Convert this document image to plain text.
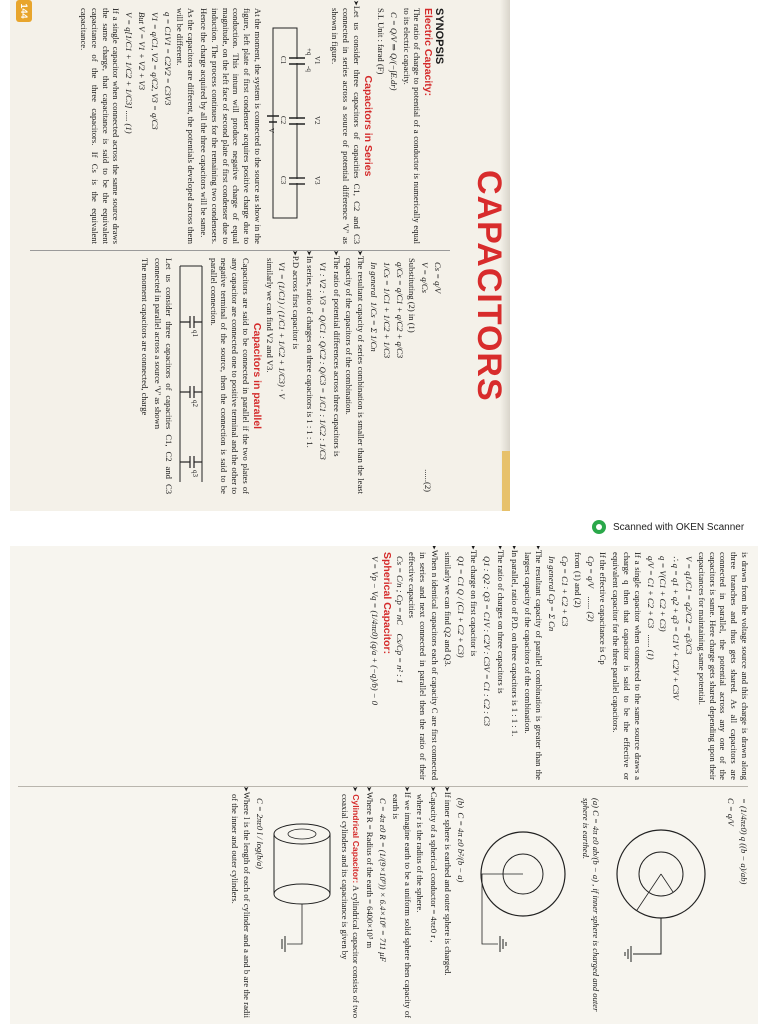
CAPACITORS
144	SYNOPSIS
Electric Capacity:

The ratio of charge to potential of a conductor is numerically equal to its electric capacity.

C = Q/V ⇒ Q/(−∫E.dr)

S.I. Unit : farad (F)

Capacitors in Series

➤ Let us consider three capacitors of capacities C1, C2 and C3 connected in series across a source of potential difference 'V' as shown in figure.

+q
-q
V1
V2
V3
C1
C2
C3
V

At the moment, the system is connected to the source as show in the figure, left plate of first condenser acquires positive charge due to conduction. This inturn will produce negative charge of equal magnitude, on the left face of second plate of first condenser due to induction. The process continues for the remaining two condensers. Hence the charge acquired by all the three capacitors will be same.

As the capacitors are different, the potentials developed across them will be different.

q = C1V1 = C2V2 = C3V3
V1 = q/C1, V2 = q/C2, V3 = q/C3
But V = V1 + V2 + V3
V = q[1/C1 + 1/C2 + 1/C3] ..... (1)

If a single capacitor when connected across the same source draws the same charge, that capacitance is said to be the equivalent capacitance of the three capacitors. If Cs is the equivalent capacitance.

Cs = q/V
V = q/Cs
......(2)

Substituting (2) in (1)

q/Cs = q/C1 + q/C2 + q/C3
1/Cs = 1/C1 + 1/C2 + 1/C3
In general  1/Cs = Σ 1/Cn

➤ The resultant capacity of series combination is smaller than the least capacity of the capacitors of the combination.

➤ The ratio of potential differences across three capacitors is

V1 : V2 : V3 = Q/C1 : Q/C2 : Q/C3 = 1/C1 : 1/C2 : 1/C3

➤ In series, ratio of charges on three capacitors is 1 : 1 : 1.

➤ P.D across first capacitor is

V1 = (1/C1) / (1/C1 + 1/C2 + 1/C3) · V

similarly we can find V2 and V3.

Capacitors in parallel

Capacitors are said to be connected in parallel if the two plates of any capacitor are connected one to positive terminal and the other to negative terminal of the source, then the connection is said to be parallel connection.

q1
q2
q3

Let us consider three capacitors of capacities C1, C2 and C3 connected in parallel across a source 'V' as shown

The moment capacitors are connected, charge

Scanned with OKEN Scanner

is drawn from the voltage source and this charge is drawn along three branches and thus gets shared. As all capacitors are connected in parallel, the potential across any one of the capacitors is same. Here charge gets shared depending upon their capacitances for maintaining same potential.

V = q1/C1 = q2/C2 = q3/C3
∴ q = q1 + q2 + q3 = C1V + C2V + C3V
q = V(C1 + C2 + C3)
q/V = C1 + C2 + C3   ...... (1)

If a single capacitor when connected to the same source draws a charge q then that capacitor is said to be the effective or equivalent capacitor for the three parallel capacitors.

If the effective capacitance is Cp

Cp = q/V    ...... (2)

from (1) and (2)

Cp = C1 + C2 + C3
In general Cp = Σ Cn

➤ The resultant capacity of parallel combination is greater than the largest capacity of the capacitors of the combination.

➤ In parallel, ratio of P.D. on three capacitors is 1 : 1 : 1.

➤ The ratio of charges on three capacitors is

Q1 : Q2 : Q3 = C1V : C2V : C3V = C1 : C2 : C3

➤ The charge on first capacitor is

Q1 = C1 Q / (C1 + C2 + C3)

similarly we can find Q2 and Q3.

➤ When n identical capacitors each of capacity C are first connected in series and next connected in parallel then the ratio of their effective capacities

Cs = C/n ; Cp = nC    Cs/Cp = n² : 1
Spherical Capacitor:
V = Vp − Vq = (1/4πε0) (q/a + (−q)/b) − 0
= (1/4πε0) q ((b − a)/ab)
C = q/V
(a) C = 4π ε0 ab/(b − a) , if inner sphere is charged and outer sphere is earthed.
(b)  C = 4π ε0 b²/(b − a)

➤ If inner sphere is earthed and outer sphere is charged.

➤ Capacity of a spherical conductor = 4πε0 r ,

where r is the radius of the sphere.

➤ If we imagine earth to be a uniform solid sphere then capacity of earth is

C = 4π ε0 R = (1/(9×10⁹)) × 6.4×10⁶ = 711 μF

➤ Where R = Radius of the earth = 6400×10³ m

➤ Cylindrical Capacitor: A cylindrical capacitor consists of two coaxial cylinders and its capacitance is given by

C = 2πε0 l / log(b/a)

➤ Where l is the length of each of cylinder and a and b are the radii of the inner and outer cylinders.
